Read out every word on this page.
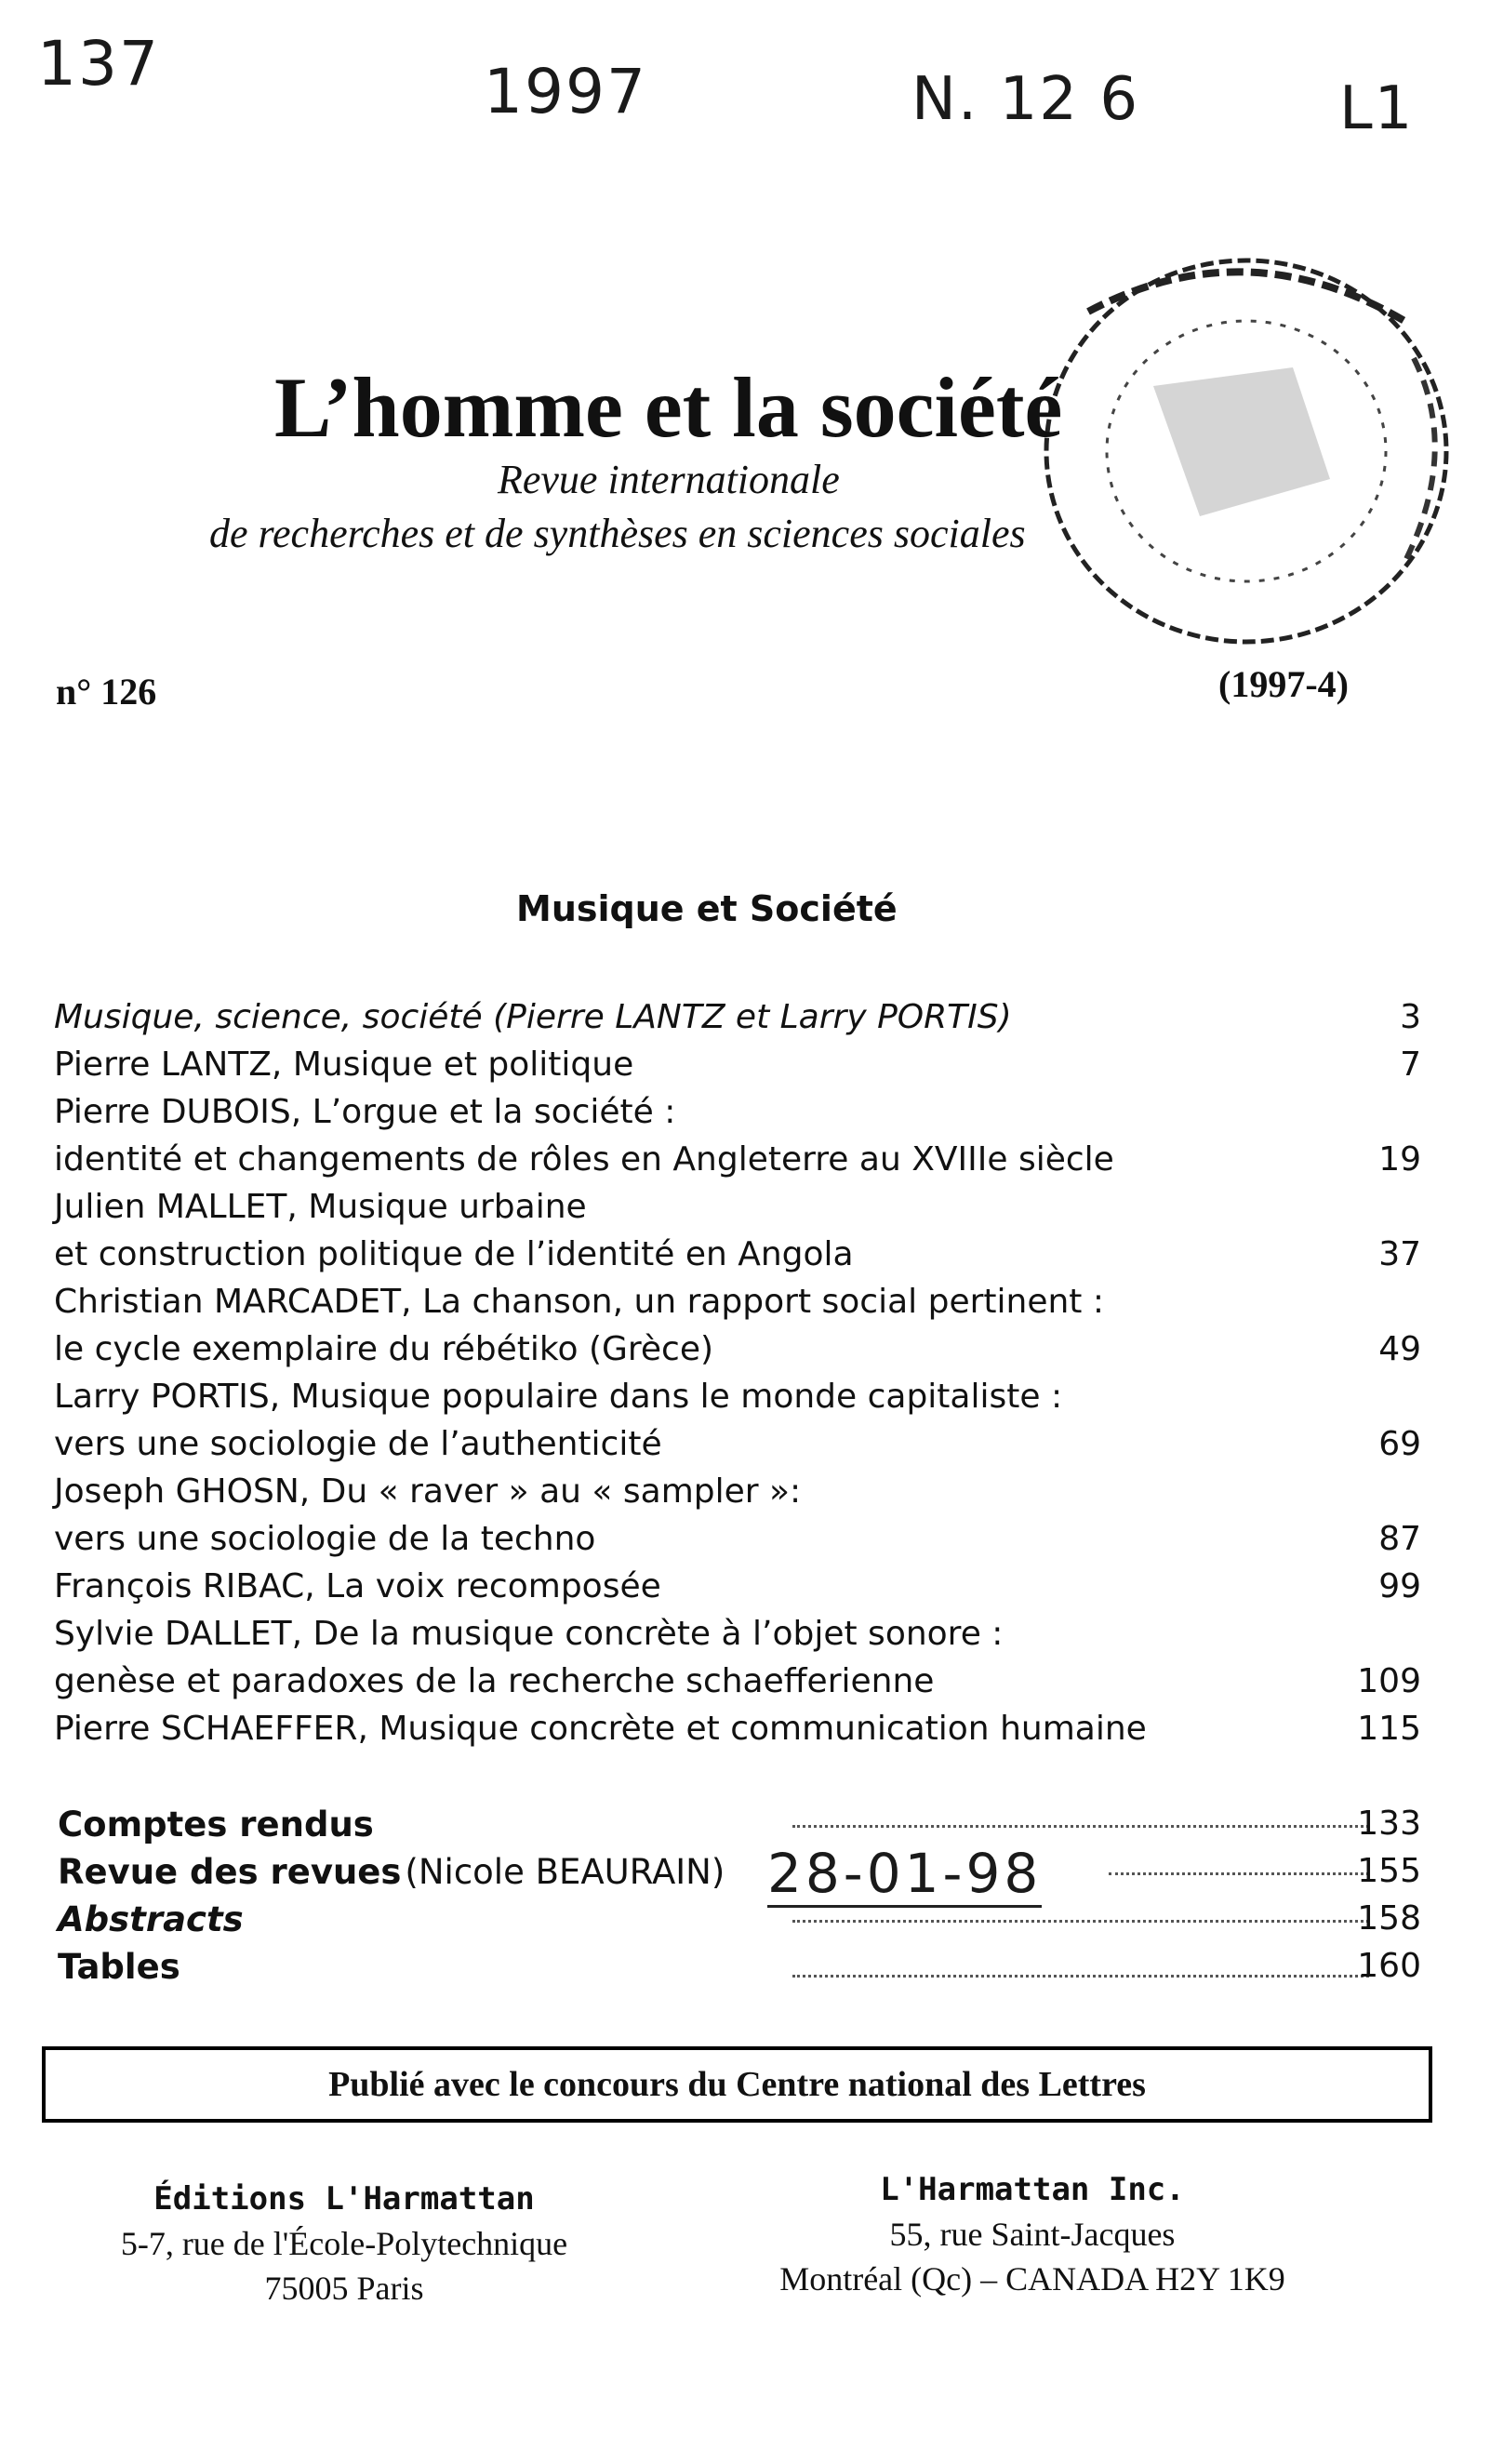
137	1997	N. 12 6	L1
L’homme et la société
Revue internationale
de recherches et de synthèses en sciences sociales
n° 126	(1997-4)
Musique et Société
Musique, science, société (Pierre LANTZ et Larry PORTIS)	3
Pierre LANTZ, Musique et politique	7
Pierre DUBOIS, L’orgue et la société :
identité et changements de rôles en Angleterre au XVIIIe siècle	19
Julien MALLET, Musique urbaine
et construction politique de l’identité en Angola	37
Christian MARCADET, La chanson, un rapport social pertinent :
le cycle exemplaire du rébétiko (Grèce)	49
Larry PORTIS, Musique populaire dans le monde capitaliste :
vers une sociologie de l’authenticité	69
Joseph GHOSN, Du « raver » au « sampler »:
vers une sociologie de la techno	87
François RIBAC, La voix recomposée	99
Sylvie DALLET, De la musique concrète à l’objet sonore :
genèse et paradoxes de la recherche schaefferienne	109
Pierre SCHAEFFER, Musique concrète et communication humaine	115
Comptes rendus	133
Revue des revues (Nicole BEAURAIN)	155
Abstracts	158
Tables	160
28-01-98
Publié avec le concours du Centre national des Lettres
Éditions L'Harmattan
5-7, rue de l'École-Polytechnique
75005 Paris
L'Harmattan Inc.
55, rue Saint-Jacques
Montréal (Qc) – CANADA H2Y 1K9
